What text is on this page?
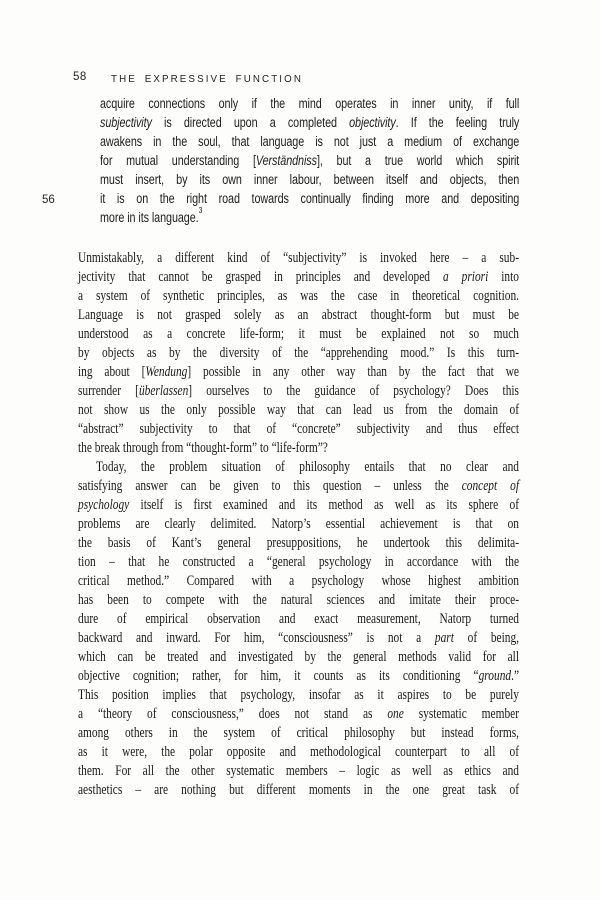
58 THE EXPRESSIVE FUNCTION
56
acquire connections only if the mind operates in inner unity, if full
subjectivity is directed upon a completed objectivity. If the feeling truly
awakens in the soul, that language is not just a medium of exchange
for mutual understanding [Verständniss], but a true world which spirit
must insert, by its own inner labour, between itself and objects, then
it is on the right road towards continually finding more and depositing
more in its language.$^3$
Unmistakably, a different kind of “subjectivity” is invoked here – a sub-
jectivity that cannot be grasped in principles and developed a priori into
a system of synthetic principles, as was the case in theoretical cognition.
Language is not grasped solely as an abstract thought-form but must be
understood as a concrete life-form; it must be explained not so much
by objects as by the diversity of the “apprehending mood.” Is this turn-
ing about [Wendung] possible in any other way than by the fact that we
surrender [überlassen] ourselves to the guidance of psychology? Does this
not show us the only possible way that can lead us from the domain of
“abstract” subjectivity to that of “concrete” subjectivity and thus effect
the break through from “thought-form” to “life-form”?
Today, the problem situation of philosophy entails that no clear and
satisfying answer can be given to this question – unless the concept of
psychology itself is first examined and its method as well as its sphere of
problems are clearly delimited. Natorp’s essential achievement is that on
the basis of Kant’s general presuppositions, he undertook this delimita-
tion – that he constructed a “general psychology in accordance with the
critical method.” Compared with a psychology whose highest ambition
has been to compete with the natural sciences and imitate their proce-
dure of empirical observation and exact measurement, Natorp turned
backward and inward. For him, “consciousness” is not a part of being,
which can be treated and investigated by the general methods valid for all
objective cognition; rather, for him, it counts as its conditioning “ground.”
This position implies that psychology, insofar as it aspires to be purely
a “theory of consciousness,” does not stand as one systematic member
among others in the system of critical philosophy but instead forms,
as it were, the polar opposite and methodological counterpart to all of
them. For all the other systematic members – logic as well as ethics and
aesthetics – are nothing but different moments in the one great task of
